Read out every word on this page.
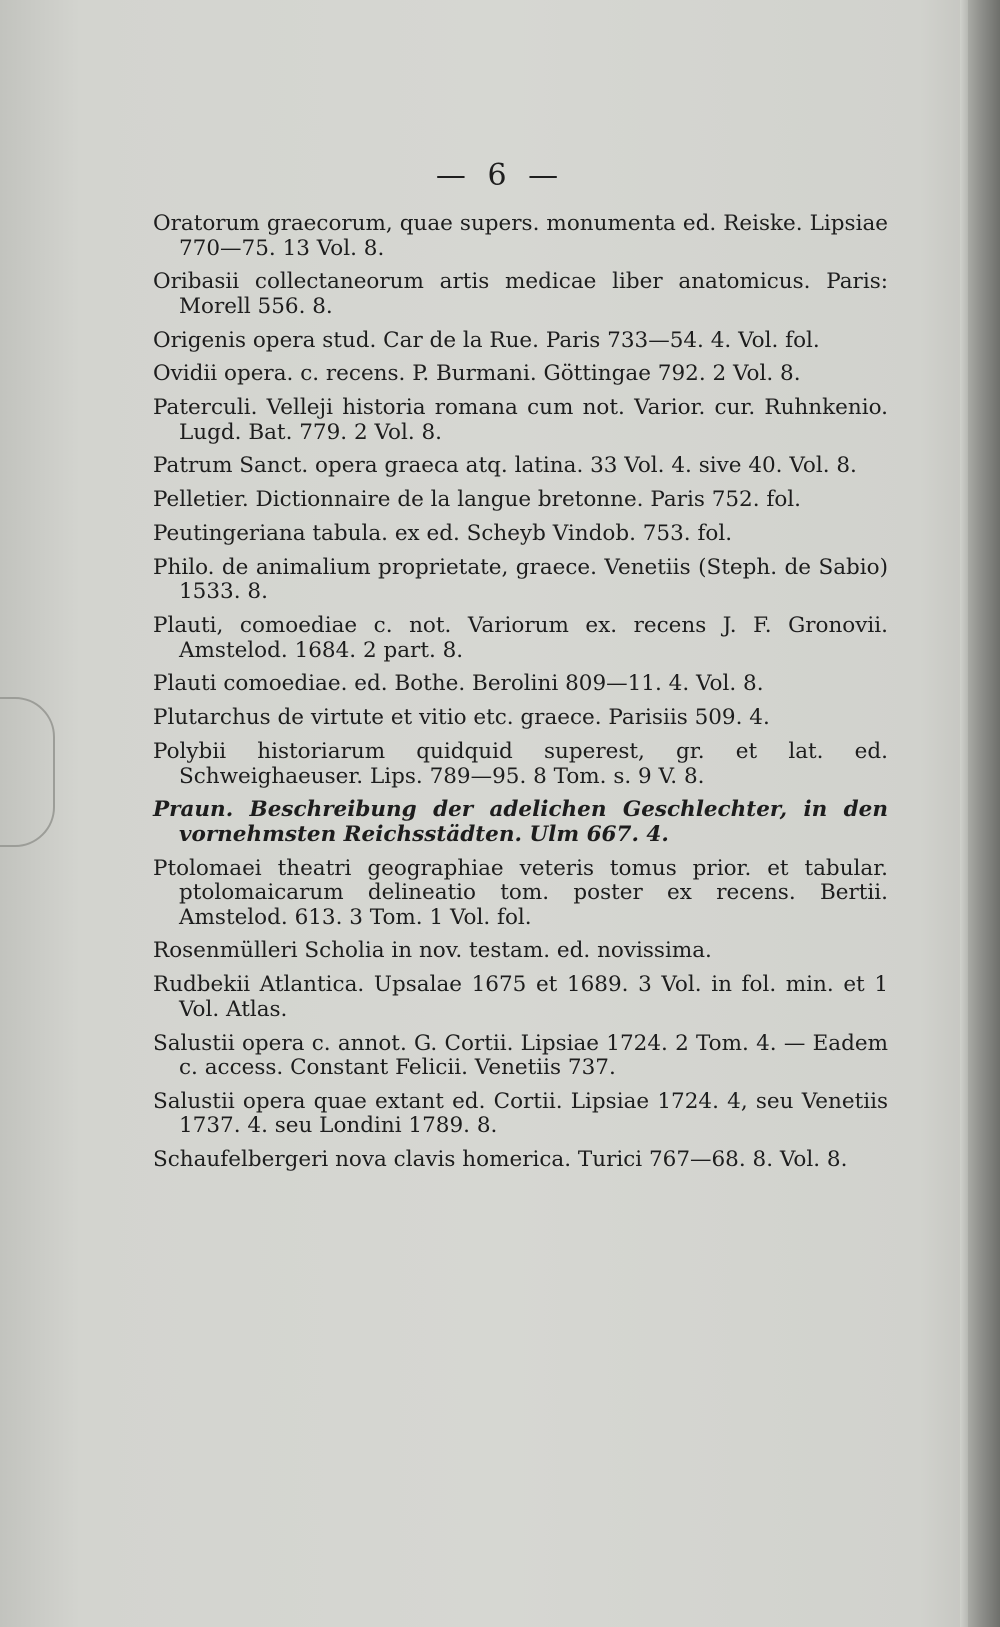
— 6 —
Oratorum graecorum, quae supers. monumenta ed. Reiske. Lipsiae 770—75. 13 Vol. 8.
Oribasii collectaneorum artis medicae liber anatomicus. Paris: Morell 556. 8.
Origenis opera stud. Car de la Rue. Paris 733—54. 4. Vol. fol.
Ovidii opera. c. recens. P. Burmani. Göttingae 792. 2 Vol. 8.
Paterculi. Velleji historia romana cum not. Varior. cur. Ruhnkenio. Lugd. Bat. 779. 2 Vol. 8.
Patrum Sanct. opera graeca atq. latina. 33 Vol. 4. sive 40. Vol. 8.
Pelletier. Dictionnaire de la langue bretonne. Paris 752. fol.
Peutingeriana tabula. ex ed. Scheyb Vindob. 753. fol.
Philo. de animalium proprietate, graece. Venetiis (Steph. de Sabio) 1533. 8.
Plauti, comoediae c. not. Variorum ex. recens J. F. Gronovii. Amstelod. 1684. 2 part. 8.
Plauti comoediae. ed. Bothe. Berolini 809—11. 4. Vol. 8.
Plutarchus de virtute et vitio etc. graece. Parisiis 509. 4.
Polybii historiarum quidquid superest, gr. et lat. ed. Schweighaeuser. Lips. 789—95. 8 Tom. s. 9 V. 8.
Praun. Beschreibung der adelichen Geschlechter, in den vornehmsten Reichsstädten. Ulm 667. 4.
Ptolomaei theatri geographiae veteris tomus prior. et tabular. ptolomaicarum delineatio tom. poster ex recens. Bertii. Amstelod. 613. 3 Tom. 1 Vol. fol.
Rosenmülleri Scholia in nov. testam. ed. novissima.
Rudbekii Atlantica. Upsalae 1675 et 1689. 3 Vol. in fol. min. et 1 Vol. Atlas.
Salustii opera c. annot. G. Cortii. Lipsiae 1724. 2 Tom. 4. — Eadem c. access. Constant Felicii. Venetiis 737.
Salustii opera quae extant ed. Cortii. Lipsiae 1724. 4, seu Venetiis 1737. 4. seu Londini 1789. 8.
Schaufelbergeri nova clavis homerica. Turici 767—68. 8. Vol. 8.
